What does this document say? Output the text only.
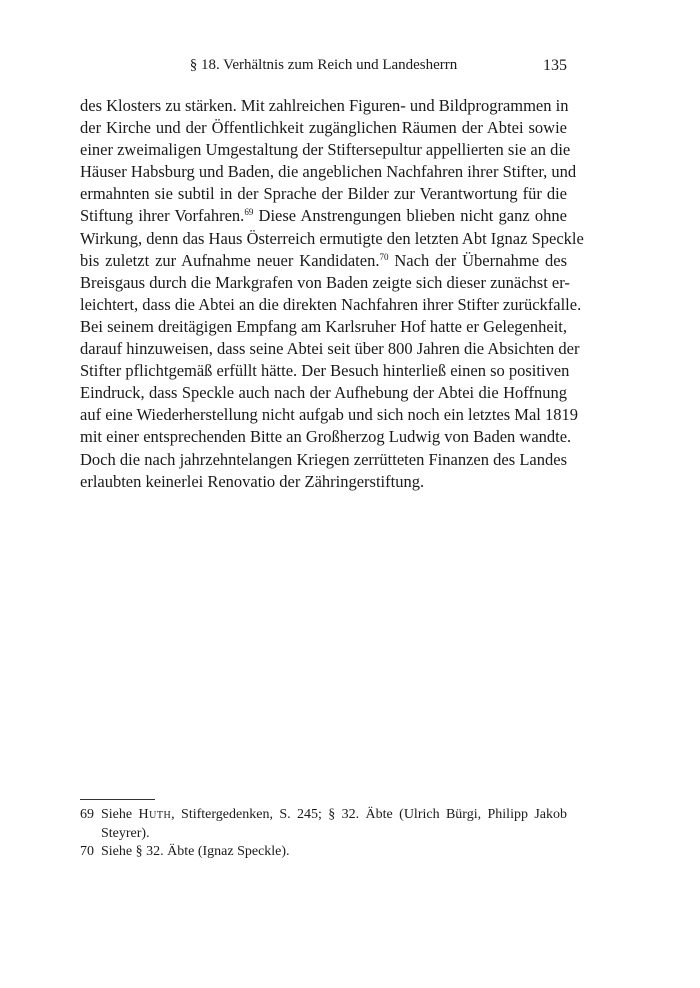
§ 18. Verhältnis zum Reich und Landesherrn	135
des Klosters zu stärken. Mit zahlreichen Figuren- und Bildprogrammen in
der Kirche und der Öffentlichkeit zugänglichen Räumen der Abtei sowie
einer zweimaligen Umgestaltung der Stiftersepultur appellierten sie an die
Häuser Habsburg und Baden, die angeblichen Nachfahren ihrer Stifter, und
ermahnten sie subtil in der Sprache der Bilder zur Verantwortung für die
Stiftung ihrer Vorfahren.$^{69}$ Diese Anstrengungen blieben nicht ganz ohne
Wirkung, denn das Haus Österreich ermutigte den letzten Abt Ignaz Speckle
bis zuletzt zur Aufnahme neuer Kandidaten.$^{70}$ Nach der Übernahme des
Breisgaus durch die Markgrafen von Baden zeigte sich dieser zunächst er-
leichtert, dass die Abtei an die direkten Nachfahren ihrer Stifter zurückfalle.
Bei seinem dreitägigen Empfang am Karlsruher Hof hatte er Gelegenheit,
darauf hinzuweisen, dass seine Abtei seit über 800 Jahren die Absichten der
Stifter pflichtgemäß erfüllt hätte. Der Besuch hinterließ einen so positiven
Eindruck, dass Speckle auch nach der Aufhebung der Abtei die Hoffnung
auf eine Wiederherstellung nicht aufgab und sich noch ein letztes Mal 1819
mit einer entsprechenden Bitte an Großherzog Ludwig von Baden wandte.
Doch die nach jahrzehntelangen Kriegen zerrütteten Finanzen des Landes
erlaubten keinerlei Renovatio der Zähringerstiftung.
69 Siehe Huth, Stiftergedenken, S. 245; § 32. Äbte (Ulrich Bürgi, Philipp Jakob
Steyrer).
70 Siehe § 32. Äbte (Ignaz Speckle).
